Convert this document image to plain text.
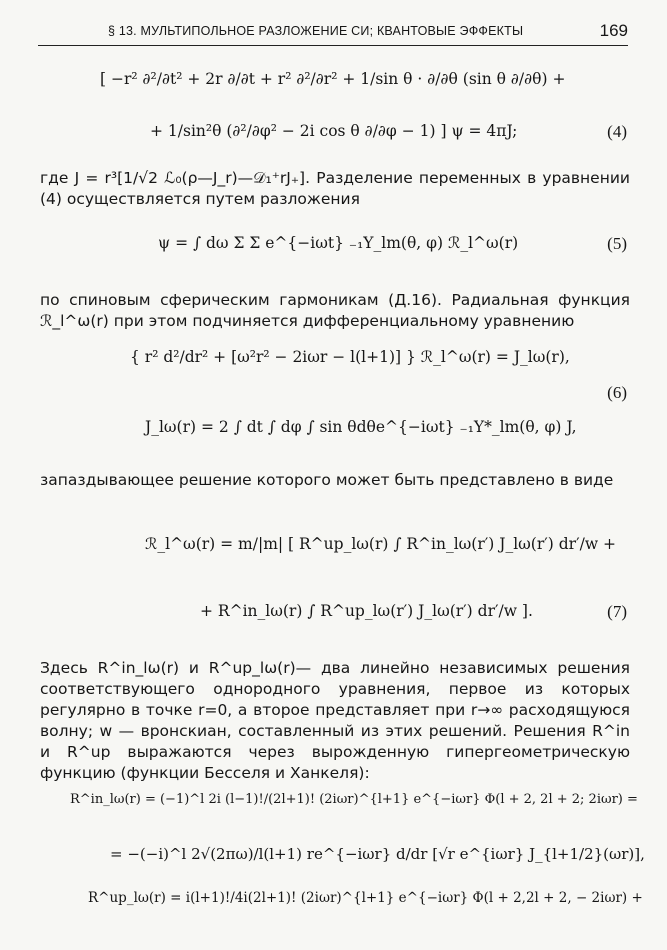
§ 13. МУЛЬТИПОЛЬНОЕ РАЗЛОЖЕНИЕ СИ; КВАНТОВЫЕ ЭФФЕКТЫ	169
[ −r² ∂²/∂t² + 2r ∂/∂t + r² ∂²/∂r² + 1/sin θ · ∂/∂θ (sin θ ∂/∂θ) +
+ 1/sin²θ (∂²/∂φ² − 2i cos θ ∂/∂φ − 1) ] ψ = 4πJ;	(4)
где J = r³[1/√2 ℒ₀(ρ—J_r)—𝒟₁⁺rJ₊]. Разделение переменных в уравнении (4) осуществляется путем разложения
ψ = ∫ dω Σ Σ e^{−iωt} ₋₁Y_lm(θ, φ) ℛ_l^ω(r)	(5)
по спиновым сферическим гармоникам (Д.16). Радиальная функция ℛ_l^ω(r) при этом подчиняется дифференциальному уравнению
{ r² d²/dr² + [ω²r² − 2iωr − l(l+1)] } ℛ_l^ω(r) = J_lω(r),
(6)
J_lω(r) = 2 ∫ dt ∫ dφ ∫ sin θdθe^{−iωt} ₋₁Y*_lm(θ, φ) J,
запаздывающее решение которого может быть представлено в виде
ℛ_l^ω(r) = m/|m| [ R^up_lω(r) ∫ R^in_lω(r′) J_lω(r′) dr′/w +
+ R^in_lω(r) ∫ R^up_lω(r′) J_lω(r′) dr′/w ].	(7)
Здесь R^in_lω(r) и R^up_lω(r)— два линейно независимых решения соответствующего однородного уравнения, первое из которых регулярно в точке r=0, а второе представляет при r→∞ расходящуюся волну; w — вронскиан, составленный из этих решений. Решения R^in и R^up выражаются через вырожденную гипергеометрическую функцию (функции Бесселя и Ханкеля):
R^in_lω(r) = (−1)^l 2i (l−1)!/(2l+1)! (2iωr)^{l+1} e^{−iωr} Φ(l + 2, 2l + 2; 2iωr) =
= −(−i)^l 2√(2πω)/l(l+1) re^{−iωr} d/dr [√r e^{iωr} J_{l+1/2}(ωr)],
R^up_lω(r) = i(l+1)!/4i(2l+1)! (2iωr)^{l+1} e^{−iωr} Φ(l + 2,2l + 2, − 2iωr) +
